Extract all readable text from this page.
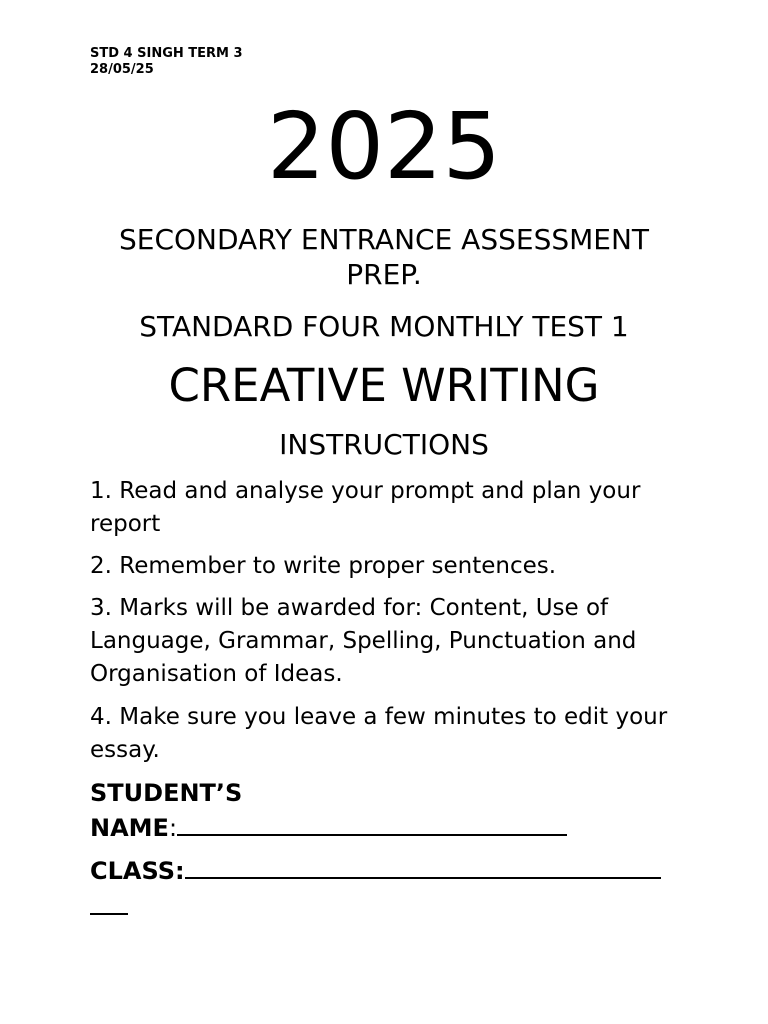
STD 4 SINGH TERM 3
28/05/25
2025
SECONDARY ENTRANCE ASSESSMENT PREP.
STANDARD FOUR MONTHLY TEST 1
CREATIVE WRITING
INSTRUCTIONS
1. Read and analyse your prompt and plan your report
2. Remember to write proper sentences.
3. Marks will be awarded for: Content, Use of Language, Grammar, Spelling, Punctuation and Organisation of Ideas.
4. Make sure you leave a few minutes to edit your essay.
STUDENT’S
NAME:
CLASS:
